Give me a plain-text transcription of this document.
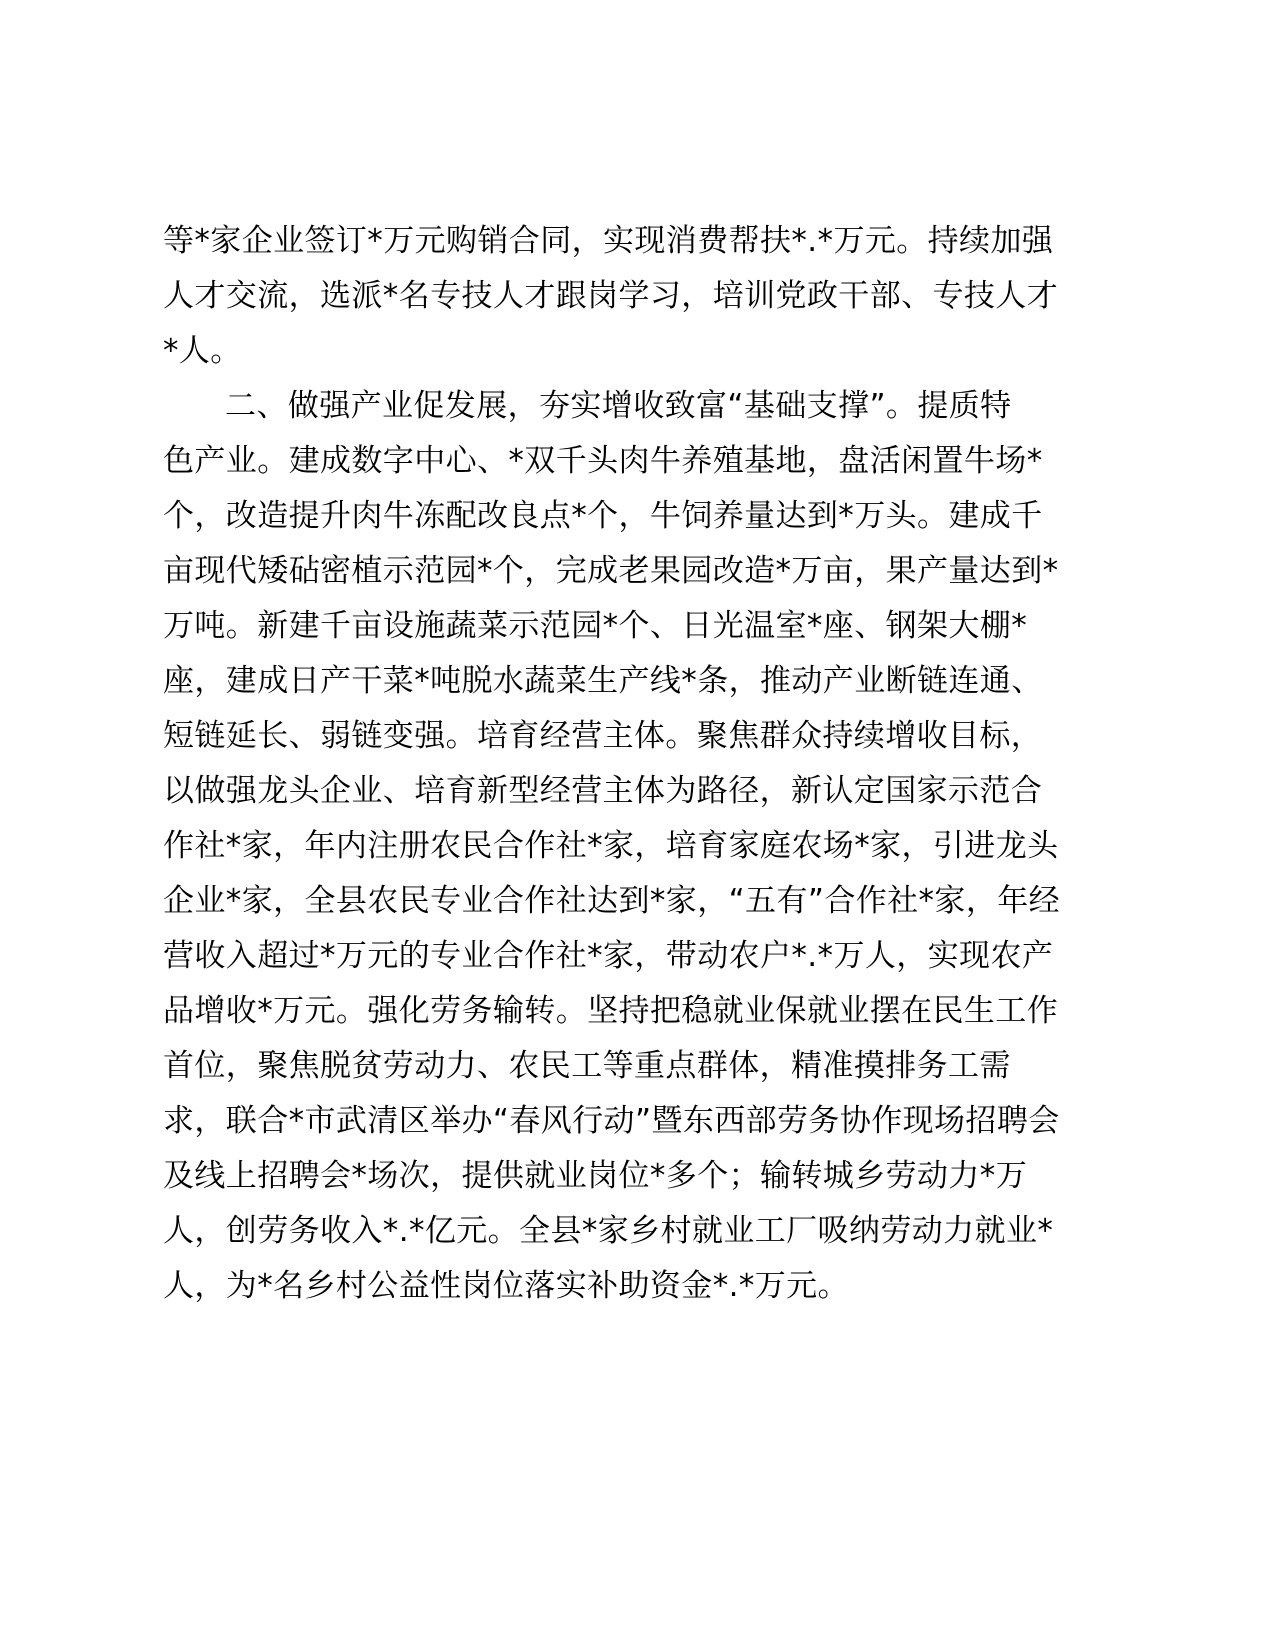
等*家企业签订*万元购销合同，实现消费帮扶*.*万元。持续加强
人才交流，选派*名专技人才跟岗学习，培训党政干部、专技人才
*人。
二、做强产业促发展，夯实增收致富“基础支撑”。提质特
色产业。建成数字中心、*双千头肉牛养殖基地，盘活闲置牛场*
个，改造提升肉牛冻配改良点*个，牛饲养量达到*万头。建成千
亩现代矮砧密植示范园*个，完成老果园改造*万亩，果产量达到*
万吨。新建千亩设施蔬菜示范园*个、日光温室*座、钢架大棚*
座，建成日产干菜*吨脱水蔬菜生产线*条，推动产业断链连通、
短链延长、弱链变强。培育经营主体。聚焦群众持续增收目标，
以做强龙头企业、培育新型经营主体为路径，新认定国家示范合
作社*家，年内注册农民合作社*家，培育家庭农场*家，引进龙头
企业*家，全县农民专业合作社达到*家，“五有”合作社*家，年经
营收入超过*万元的专业合作社*家，带动农户*.*万人，实现农产
品增收*万元。强化劳务输转。坚持把稳就业保就业摆在民生工作
首位，聚焦脱贫劳动力、农民工等重点群体，精准摸排务工需
求，联合*市武清区举办“春风行动”暨东西部劳务协作现场招聘会
及线上招聘会*场次，提供就业岗位*多个；输转城乡劳动力*万
人，创劳务收入*.*亿元。全县*家乡村就业工厂吸纳劳动力就业*
人，为*名乡村公益性岗位落实补助资金*.*万元。
